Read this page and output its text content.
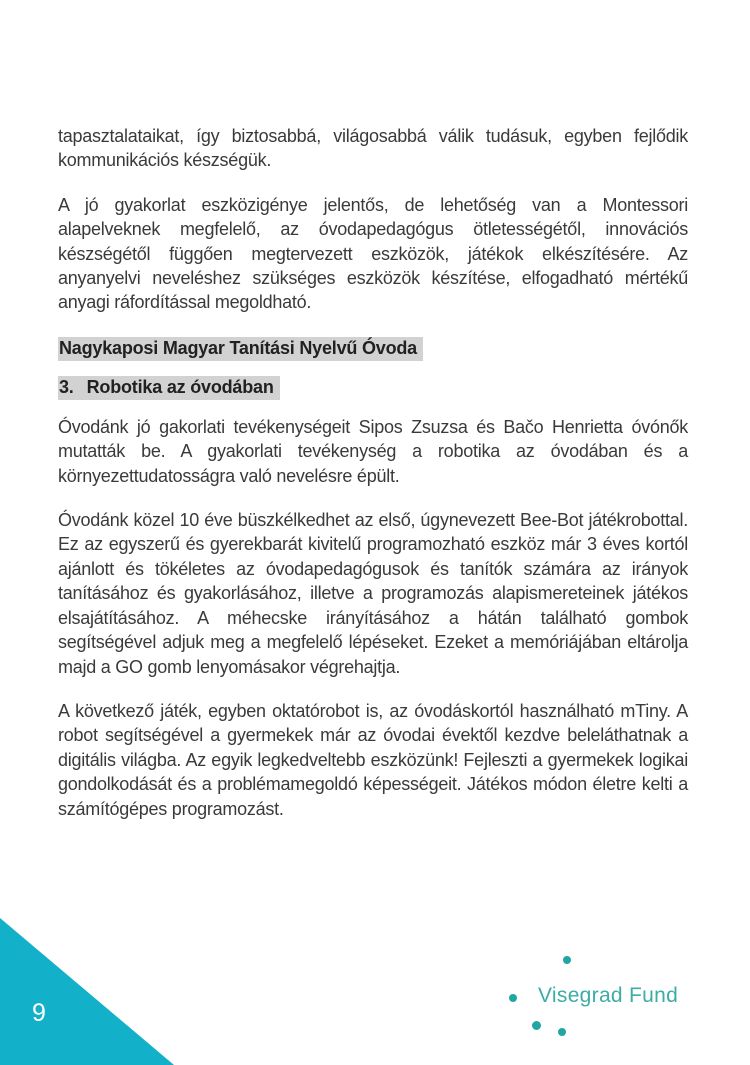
tapasztalataikat, így biztosabbá, világosabbá válik tudásuk, egyben fejlődik kommunikációs készségük.

A jó gyakorlat eszközigénye jelentős, de lehetőség van a Montessori alapelveknek megfelelő, az óvodapedagógus ötletességétől, innovációs készségétől függően megtervezett eszközök, játékok elkészítésére. Az anyanyelvi neveléshez szükséges eszközök készítése, elfogadható mértékű anyagi ráfordítással megoldható.

Nagykaposi Magyar Tanítási Nyelvű Óvoda
3. Robotika az óvodában

Óvodánk jó gakorlati tevékenységeit Sipos Zsuzsa és Bačo Henrietta óvónők mutatták be. A gyakorlati tevékenység a robotika az óvodában és a környezettudatosságra való nevelésre épült.

Óvodánk közel 10 éve büszkélkedhet az első, úgynevezett Bee-Bot játékrobottal. Ez az egyszerű és gyerekbarát kivitelű programozható eszköz már 3 éves kortól ajánlott és tökéletes az óvodapedagógusok és tanítók számára az irányok tanításához és gyakorlásához, illetve a programozás alapismereteinek játékos elsajátításához. A méhecske irányításához a hátán található gombok segítségével adjuk meg a megfelelő lépéseket. Ezeket a memóriájában eltárolja majd a GO gomb lenyomásakor végrehajtja.

A következő játék, egyben oktatórobot is, az óvodáskortól használható mTiny. A robot segítségével a gyermekek már az óvodai évektől kezdve beleláthatnak a digitális világba. Az egyik legkedveltebb eszközünk! Fejleszti a gyermekek logikai gondolkodását és a problémamegoldó képességeit. Játékos módon életre kelti a számítógépes programozást.

9
Visegrad Fund
